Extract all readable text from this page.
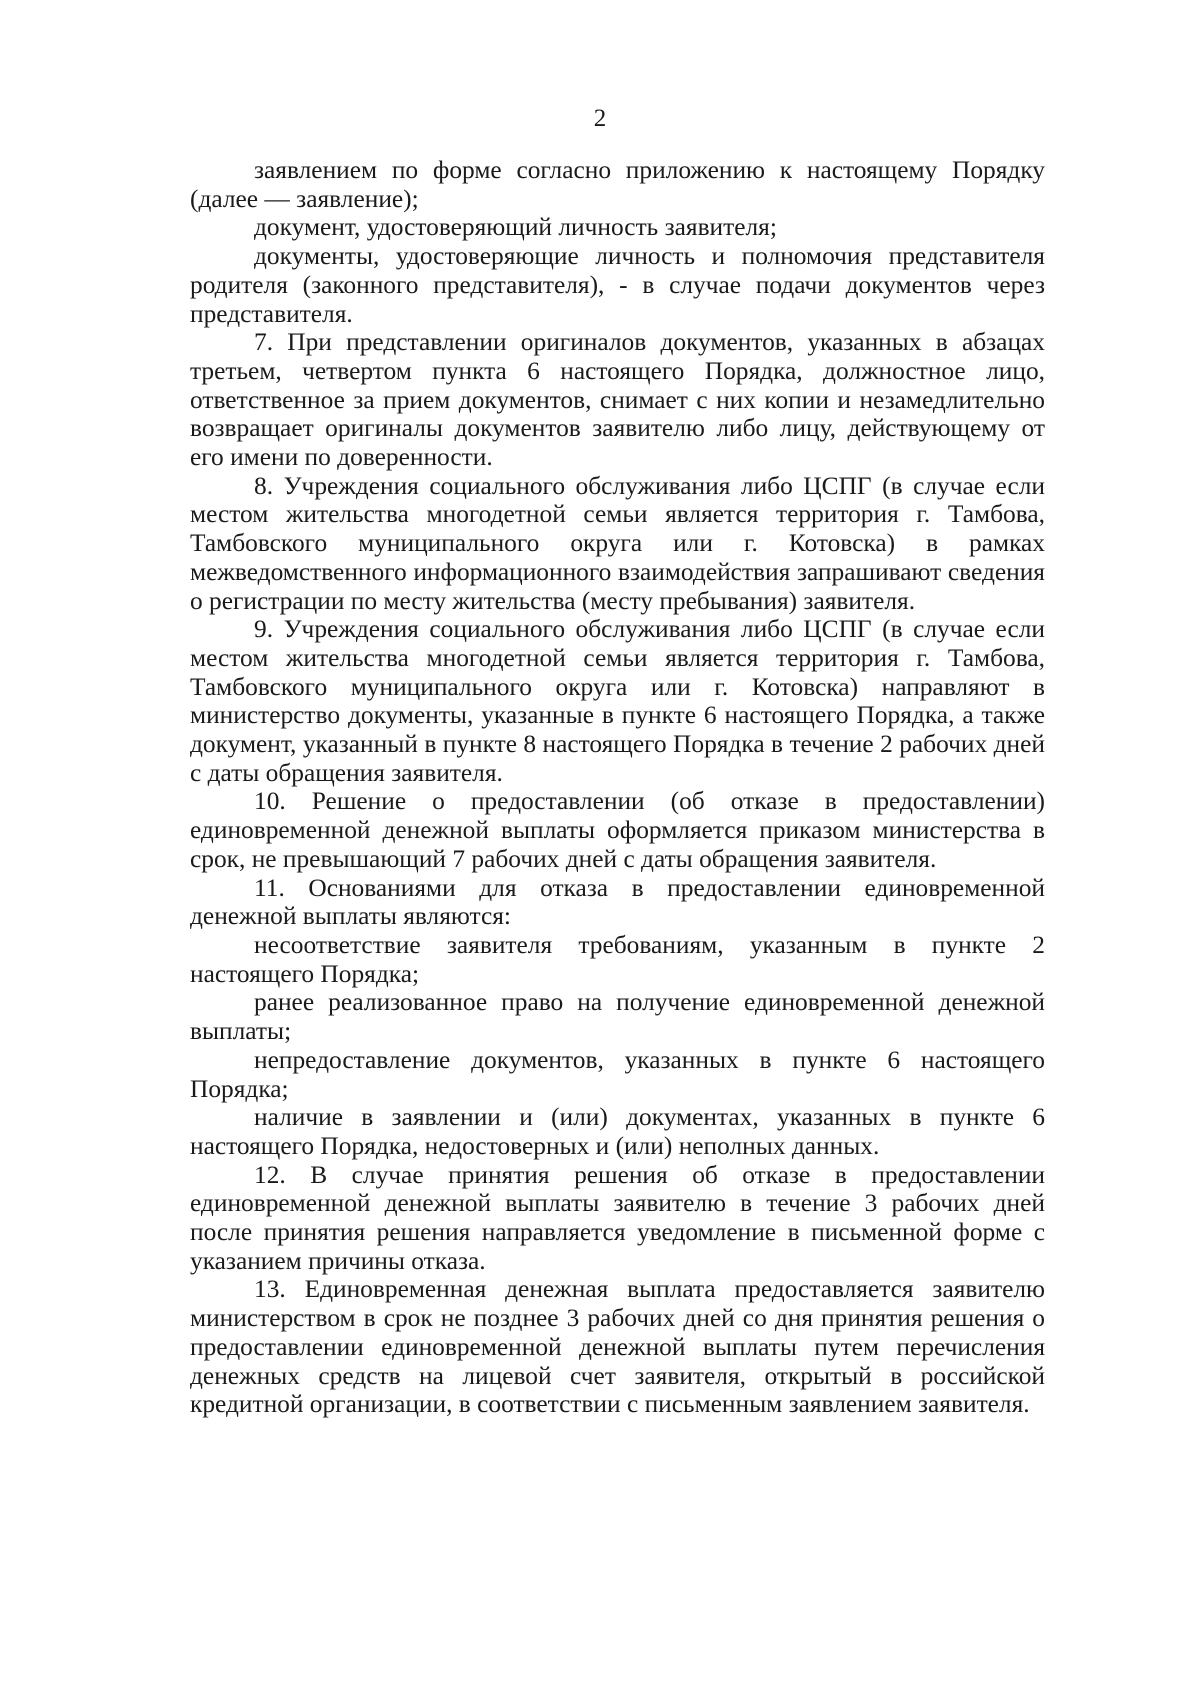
2

заявлением по форме согласно приложению к настоящему Порядку (далее — заявление);

документ, удостоверяющий личность заявителя;

документы, удостоверяющие личность и полномочия представителя родителя (законного представителя), - в случае подачи документов через представителя.

7. При представлении оригиналов документов, указанных в абзацах третьем, четвертом пункта 6 настоящего Порядка, должностное лицо, ответственное за прием документов, снимает с них копии и незамедлительно возвращает оригиналы документов заявителю либо лицу, действующему от его имени по доверенности.

8. Учреждения социального обслуживания либо ЦСПГ (в случае если местом жительства многодетной семьи является территория г. Тамбова, Тамбовского муниципального округа или г. Котовска) в рамках межведомственного информационного взаимодействия запрашивают сведения о регистрации по месту жительства (месту пребывания) заявителя.

9. Учреждения социального обслуживания либо ЦСПГ (в случае если местом жительства многодетной семьи является территория г. Тамбова, Тамбовского муниципального округа или г. Котовска) направляют в министерство документы, указанные в пункте 6 настоящего Порядка, а также документ, указанный в пункте 8 настоящего Порядка в течение 2 рабочих дней с даты обращения заявителя.

10. Решение о предоставлении (об отказе в предоставлении) единовременной денежной выплаты оформляется приказом министерства в срок, не превышающий 7 рабочих дней с даты обращения заявителя.

11. Основаниями для отказа в предоставлении единовременной денежной выплаты являются:

несоответствие заявителя требованиям, указанным в пункте 2 настоящего Порядка;

ранее реализованное право на получение единовременной денежной выплаты;

непредоставление документов, указанных в пункте 6 настоящего Порядка;

наличие в заявлении и (или) документах, указанных в пункте 6 настоящего Порядка, недостоверных и (или) неполных данных.

12. В случае принятия решения об отказе в предоставлении единовременной денежной выплаты заявителю в течение 3 рабочих дней после принятия решения направляется уведомление в письменной форме с указанием причины отказа.

13. Единовременная денежная выплата предоставляется заявителю министерством в срок не позднее 3 рабочих дней со дня принятия решения о предоставлении единовременной денежной выплаты путем перечисления денежных средств на лицевой счет заявителя, открытый в российской кредитной организации, в соответствии с письменным заявлением заявителя.
